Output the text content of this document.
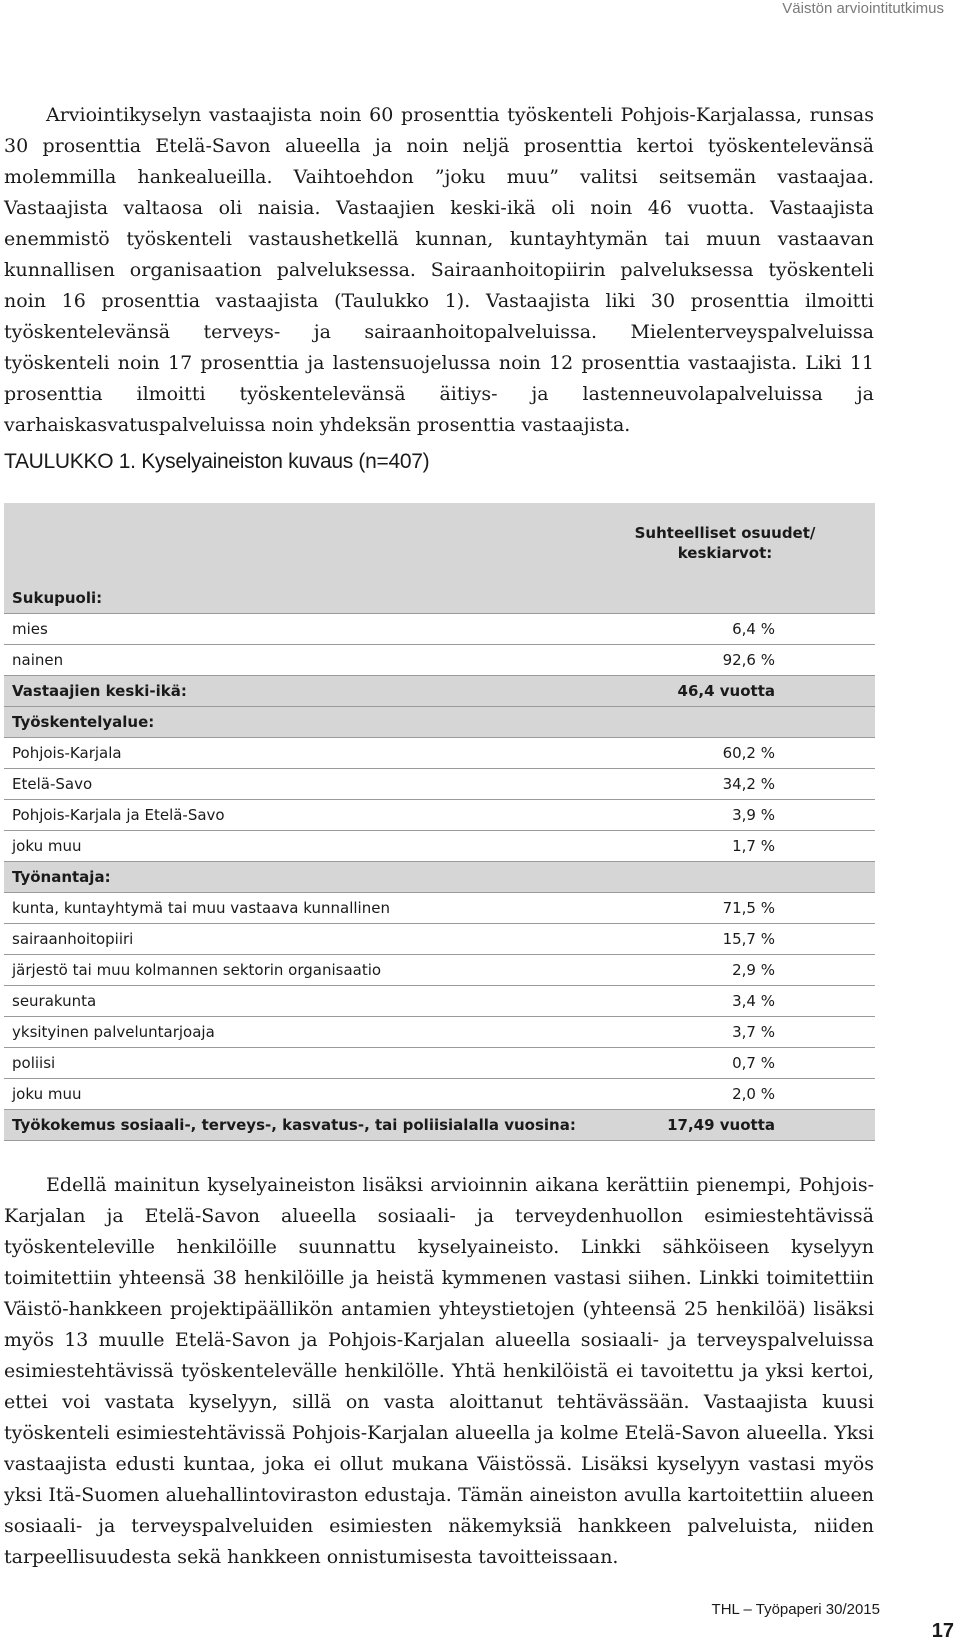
Väistön arviointitutkimus

Arviointikyselyn vastaajista noin 60 prosenttia työskenteli Pohjois-Karjalassa, runsas 30 prosenttia Etelä-Savon alueella ja noin neljä prosenttia kertoi työskentelevänsä molemmilla hankealueilla. Vaihtoehdon ”joku muu” valitsi seitsemän vastaajaa. Vastaajista valtaosa oli naisia. Vastaajien keski-ikä oli noin 46 vuotta. Vastaajista enemmistö työskenteli vastaushetkellä kunnan, kuntayhtymän tai muun vastaavan kunnallisen organisaation palveluksessa. Sairaanhoitopiirin palveluksessa työskenteli noin 16 prosenttia vastaajista (Taulukko 1). Vastaajista liki 30 prosenttia ilmoitti työskentelevänsä terveys- ja sairaanhoitopalveluissa. Mielenterveyspalveluissa työskenteli noin 17 prosenttia ja lastensuojelussa noin 12 prosenttia vastaajista. Liki 11 prosenttia ilmoitti työskentelevänsä äitiys- ja lastenneuvolapalveluissa ja varhaiskasvatuspalveluissa noin yhdeksän prosenttia vastaajista.

TAULUKKO 1. Kyselyaineiston kuvaus (n=407)
	Suhteelliset osuudet/ keskiarvot:
Sukupuoli:	
mies	6,4 %
nainen	92,6 %
Vastaajien keski-ikä:	46,4 vuotta
Työskentelyalue:	
Pohjois-Karjala	60,2 %
Etelä-Savo	34,2 %
Pohjois-Karjala ja Etelä-Savo	3,9 %
joku muu	1,7 %
Työnantaja:	
kunta, kuntayhtymä tai muu vastaava kunnallinen	71,5 %
sairaanhoitopiiri	15,7 %
järjestö tai muu kolmannen sektorin organisaatio	2,9 %
seurakunta	3,4 %
yksityinen palveluntarjoaja	3,7 %
poliisi	0,7 %
joku muu	2,0 %
Työkokemus sosiaali-, terveys-, kasvatus-, tai poliisialalla vuosina:	17,49 vuotta

Edellä mainitun kyselyaineiston lisäksi arvioinnin aikana kerättiin pienempi, Pohjois-Karjalan ja Etelä-Savon alueella sosiaali- ja terveydenhuollon esimiestehtävissä työskenteleville henkilöille suunnattu kyselyaineisto. Linkki sähköiseen kyselyyn toimitettiin yhteensä 38 henkilöille ja heistä kymmenen vastasi siihen. Linkki toimitettiin Väistö-hankkeen projektipäällikön antamien yhteystietojen (yhteensä 25 henkilöä) lisäksi myös 13 muulle Etelä-Savon ja Pohjois-Karjalan alueella sosiaali- ja terveyspalveluissa esimiestehtävissä työskentelevälle henkilölle. Yhtä henkilöistä ei tavoitettu ja yksi kertoi, ettei voi vastata kyselyyn, sillä on vasta aloittanut tehtävässään. Vastaajista kuusi työskenteli esimiestehtävissä Pohjois-Karjalan alueella ja kolme Etelä-Savon alueella. Yksi vastaajista edusti kuntaa, joka ei ollut mukana Väistössä. Lisäksi kyselyyn vastasi myös yksi Itä-Suomen aluehallintoviraston edustaja. Tämän aineiston avulla kartoitettiin alueen sosiaali- ja terveyspalveluiden esimiesten näkemyksiä hankkeen palveluista, niiden tarpeellisuudesta sekä hankkeen onnistumisesta tavoitteissaan.

THL – Työpaperi 30/2015
17
